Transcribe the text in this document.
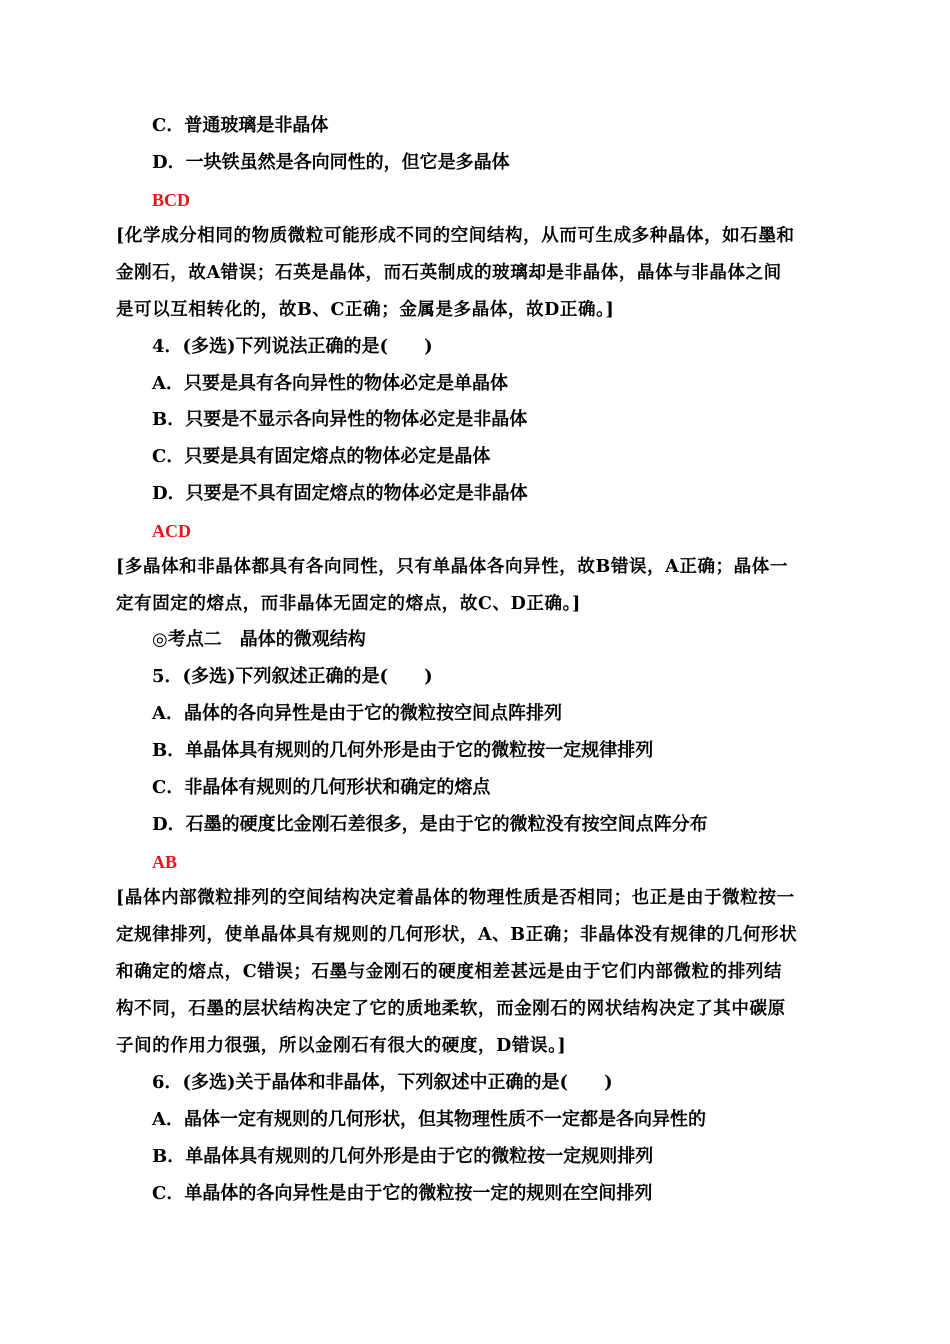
C．普通玻璃是非晶体
D．一块铁虽然是各向同性的，但它是多晶体
BCD
[化学成分相同的物质微粒可能形成不同的空间结构，从而可生成多种晶体，如石墨和
金刚石，故A错误；石英是晶体，而石英制成的玻璃却是非晶体，晶体与非晶体之间
是可以互相转化的，故B、C正确；金属是多晶体，故D正确。]
4．(多选)下列说法正确的是(　　)
A．只要是具有各向异性的物体必定是单晶体
B．只要是不显示各向异性的物体必定是非晶体
C．只要是具有固定熔点的物体必定是晶体
D．只要是不具有固定熔点的物体必定是非晶体
ACD
[多晶体和非晶体都具有各向同性，只有单晶体各向异性，故B错误，A正确；晶体一
定有固定的熔点，而非晶体无固定的熔点，故C、D正确。]
◎考点二　晶体的微观结构
5．(多选)下列叙述正确的是(　　)
A．晶体的各向异性是由于它的微粒按空间点阵排列
B．单晶体具有规则的几何外形是由于它的微粒按一定规律排列
C．非晶体有规则的几何形状和确定的熔点
D．石墨的硬度比金刚石差很多，是由于它的微粒没有按空间点阵分布
AB
[晶体内部微粒排列的空间结构决定着晶体的物理性质是否相同；也正是由于微粒按一
定规律排列，使单晶体具有规则的几何形状，A、B正确；非晶体没有规律的几何形状
和确定的熔点，C错误；石墨与金刚石的硬度相差甚远是由于它们内部微粒的排列结
构不同，石墨的层状结构决定了它的质地柔软，而金刚石的网状结构决定了其中碳原
子间的作用力很强，所以金刚石有很大的硬度，D错误。]
6．(多选)关于晶体和非晶体，下列叙述中正确的是(　　)
A．晶体一定有规则的几何形状，但其物理性质不一定都是各向异性的
B．单晶体具有规则的几何外形是由于它的微粒按一定规则排列
C．单晶体的各向异性是由于它的微粒按一定的规则在空间排列
